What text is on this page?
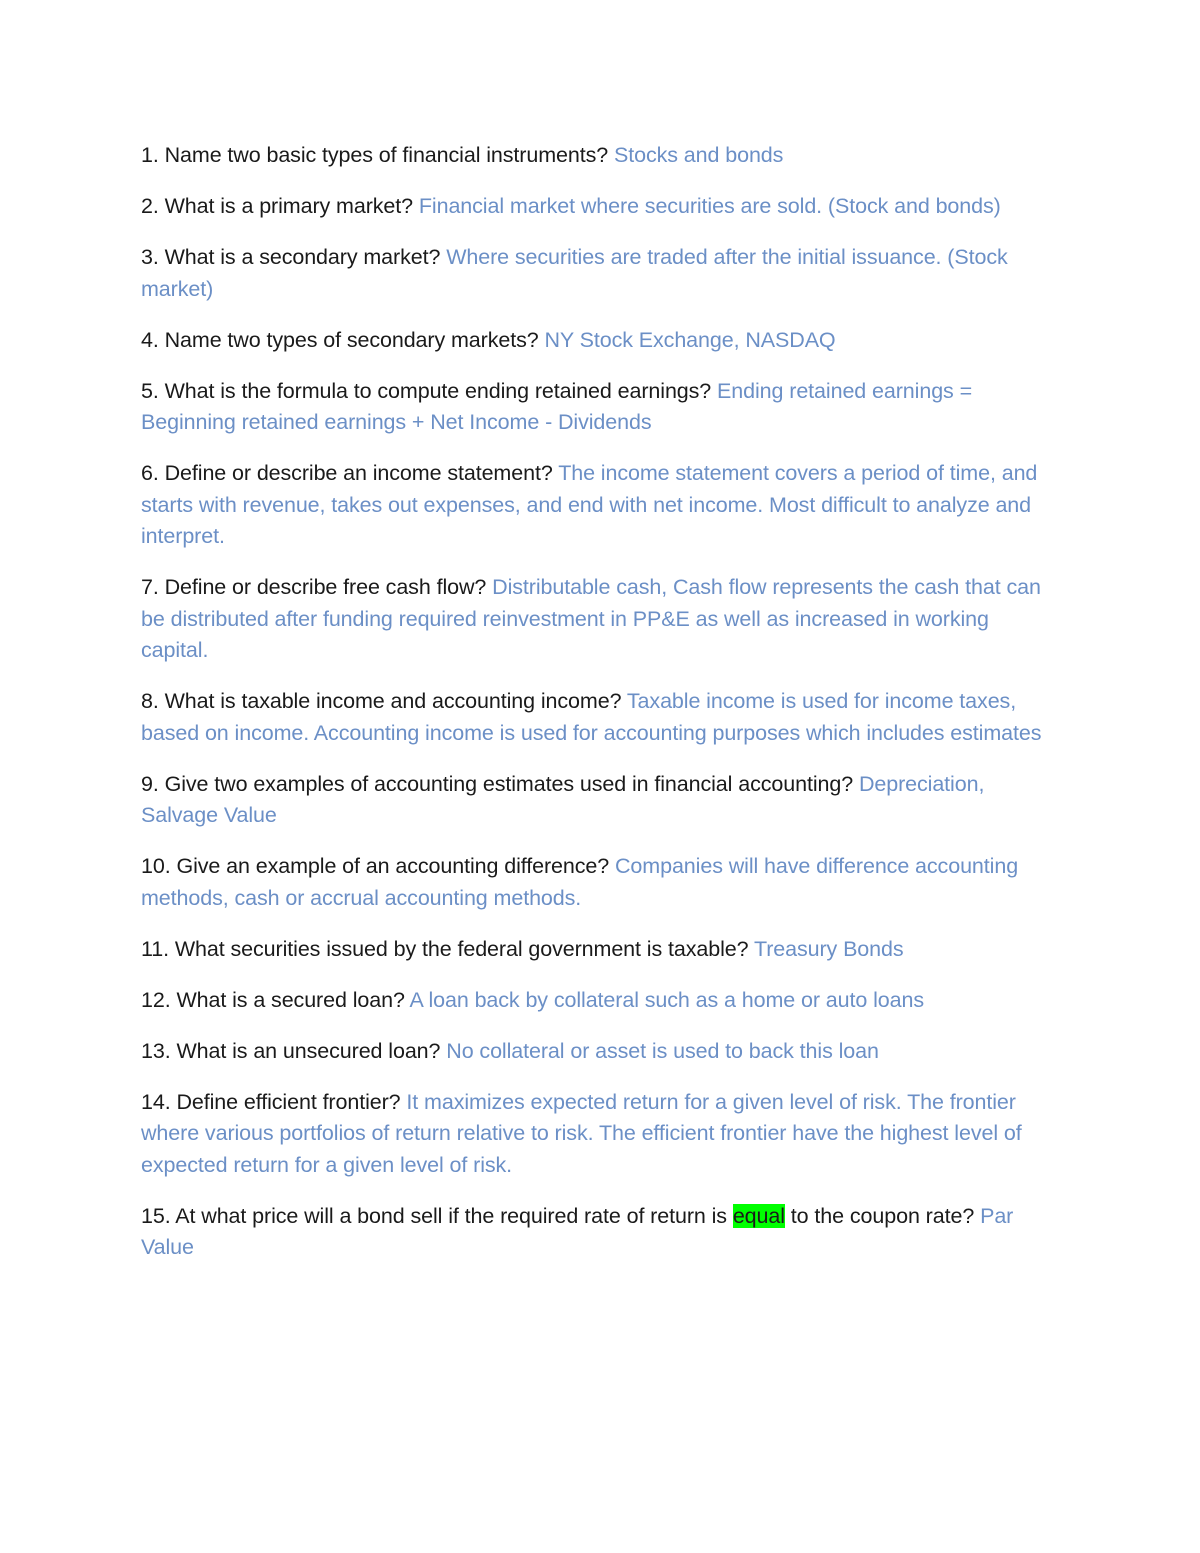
1. Name two basic types of financial instruments? Stocks and bonds

2. What is a primary market? Financial market where securities are sold. (Stock and bonds)

3. What is a secondary market? Where securities are traded after the initial issuance. (Stock market)

4. Name two types of secondary markets? NY Stock Exchange, NASDAQ

5. What is the formula to compute ending retained earnings? Ending retained earnings = Beginning retained earnings + Net Income - Dividends

6. Define or describe an income statement? The income statement covers a period of time, and starts with revenue, takes out expenses, and end with net income. Most difficult to analyze and interpret.

7. Define or describe free cash flow? Distributable cash, Cash flow represents the cash that can be distributed after funding required reinvestment in PP&E as well as increased in working capital.

8. What is taxable income and accounting income? Taxable income is used for income taxes, based on income. Accounting income is used for accounting purposes which includes estimates

9. Give two examples of accounting estimates used in financial accounting? Depreciation, Salvage Value

10. Give an example of an accounting difference? Companies will have difference accounting methods, cash or accrual accounting methods.

11. What securities issued by the federal government is taxable? Treasury Bonds

12. What is a secured loan? A loan back by collateral such as a home or auto loans

13. What is an unsecured loan? No collateral or asset is used to back this loan

14. Define efficient frontier? It maximizes expected return for a given level of risk. The frontier where various portfolios of return relative to risk. The efficient frontier have the highest level of expected return for a given level of risk.

15. At what price will a bond sell if the required rate of return is equal to the coupon rate? Par Value
